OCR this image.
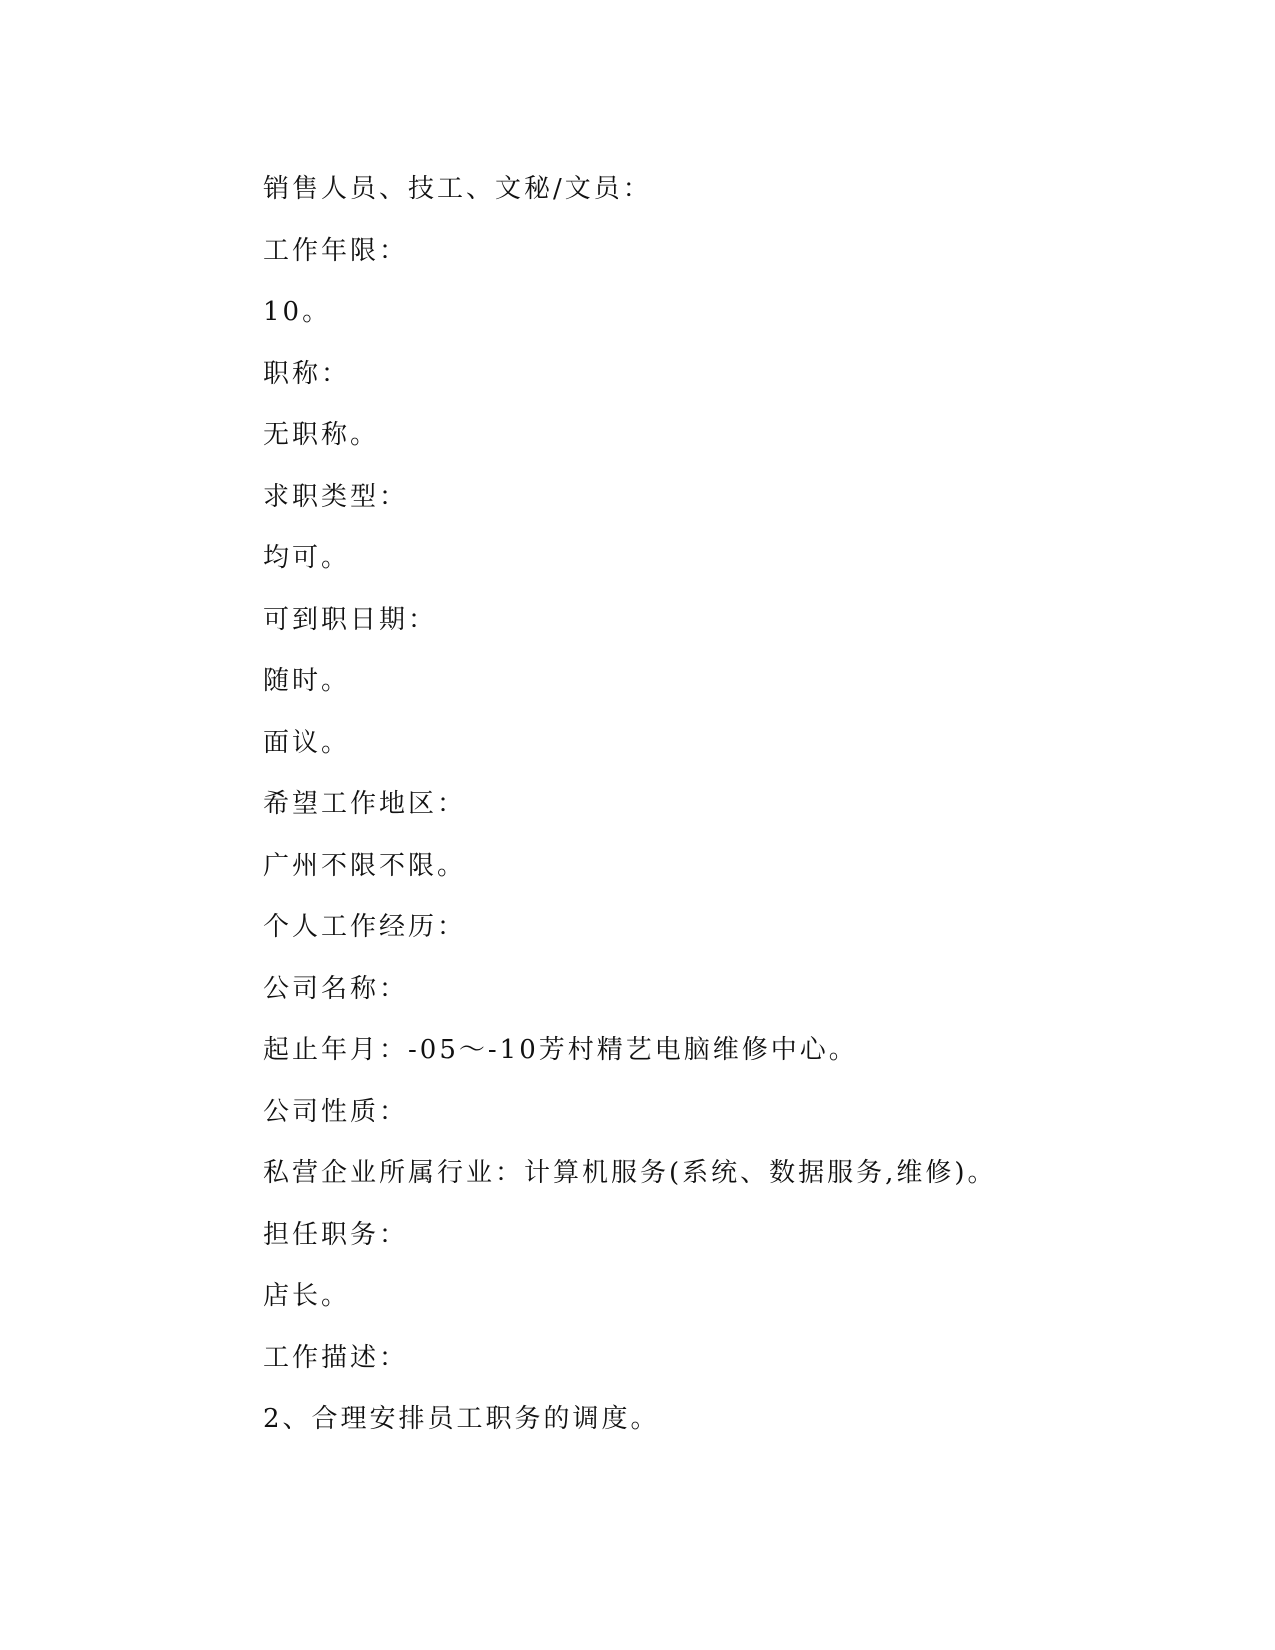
销售人员、技工、文秘/文员：
工作年限：
10。
职称：
无职称。
求职类型：
均可。
可到职日期：
随时。
面议。
希望工作地区：
广州不限不限。
个人工作经历：
公司名称：
起止年月：-05～-10芳村精艺电脑维修中心。
公司性质：
私营企业所属行业：计算机服务(系统、数据服务,维修)。
担任职务：
店长。
工作描述：
2、合理安排员工职务的调度。
